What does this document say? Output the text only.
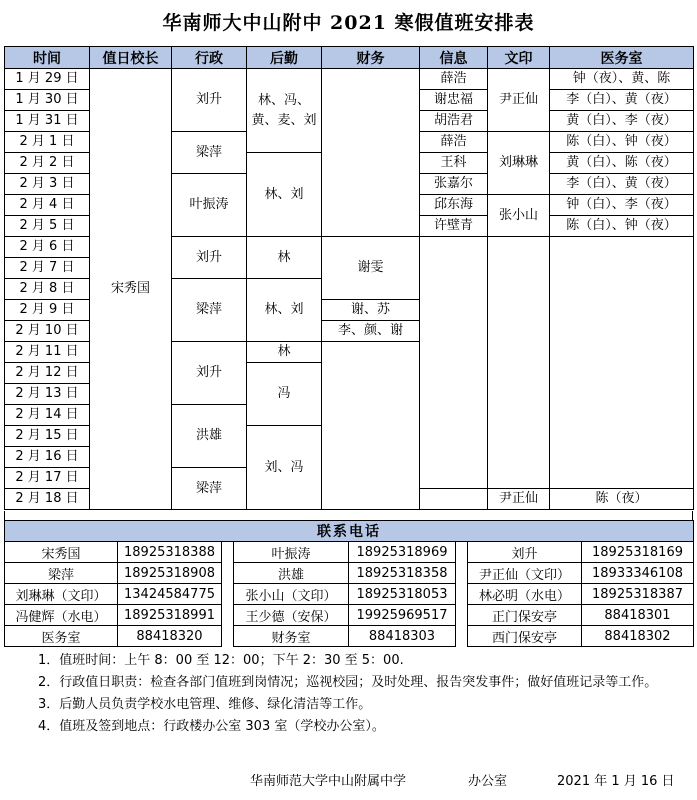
华南师大中山附中 2021 寒假值班安排表
时间	值日校长	行政	后勤	财务	信息	文印	医务室
1 月 29 日	宋秀国	刘升	林、冯、黄、麦、刘		薛浩	尹正仙	钟（夜）、黄、陈
1 月 30 日					谢忠福		李（白）、黄（夜）
1 月 31 日					胡浩君		黄（白）、李（夜）
2 月 1 日		梁萍			薛浩	刘琳琳	陈（白）、钟（夜）
2 月 2 日			林、刘		王科		黄（白）、陈（夜）
2 月 3 日		叶振涛			张嘉尔		李（白）、黄（夜）
2 月 4 日					邱东海	张小山	钟（白）、李（夜）
2 月 5 日					许壁青		陈（白）、钟（夜）
2 月 6 日		刘升	林	谢雯			
2 月 7 日							
2 月 8 日		梁萍	林、刘				
2 月 9 日				谢、苏			
2 月 10 日				李、颜、谢			
2 月 11 日		刘升	林				
2 月 12 日			冯				
2 月 13 日							
2 月 14 日		洪雄					
2 月 15 日			刘、冯				
2 月 16 日							
2 月 17 日		梁萍					
2 月 18 日						尹正仙	陈（夜）
联系电话							
宋秀国	18925318388		叶振涛	18925318969		刘升	18925318169
梁萍	18925318908		洪雄	18925318358		尹正仙（文印）	18933346108
刘琳琳（文印）	13424584775		张小山（文印）	18925318053		林必明（水电）	18925318387
冯健辉（水电）	18925318991		王少德（安保）	19925969517		正门保安亭	88418301
医务室	88418320		财务室	88418303		西门保安亭	88418302

1．值班时间：上午 8：00 至 12：00；下午 2：30 至 5：00.

2．行政值日职责：检查各部门值班到岗情况；巡视校园；及时处理、报告突发事件；做好值班记录等工作。

3．后勤人员负责学校水电管理、维修、绿化清洁等工作。

4．值班及签到地点：行政楼办公室 303 室（学校办公室）。

华南师范大学中山附属中学	办公室	2021 年 1 月 16 日
